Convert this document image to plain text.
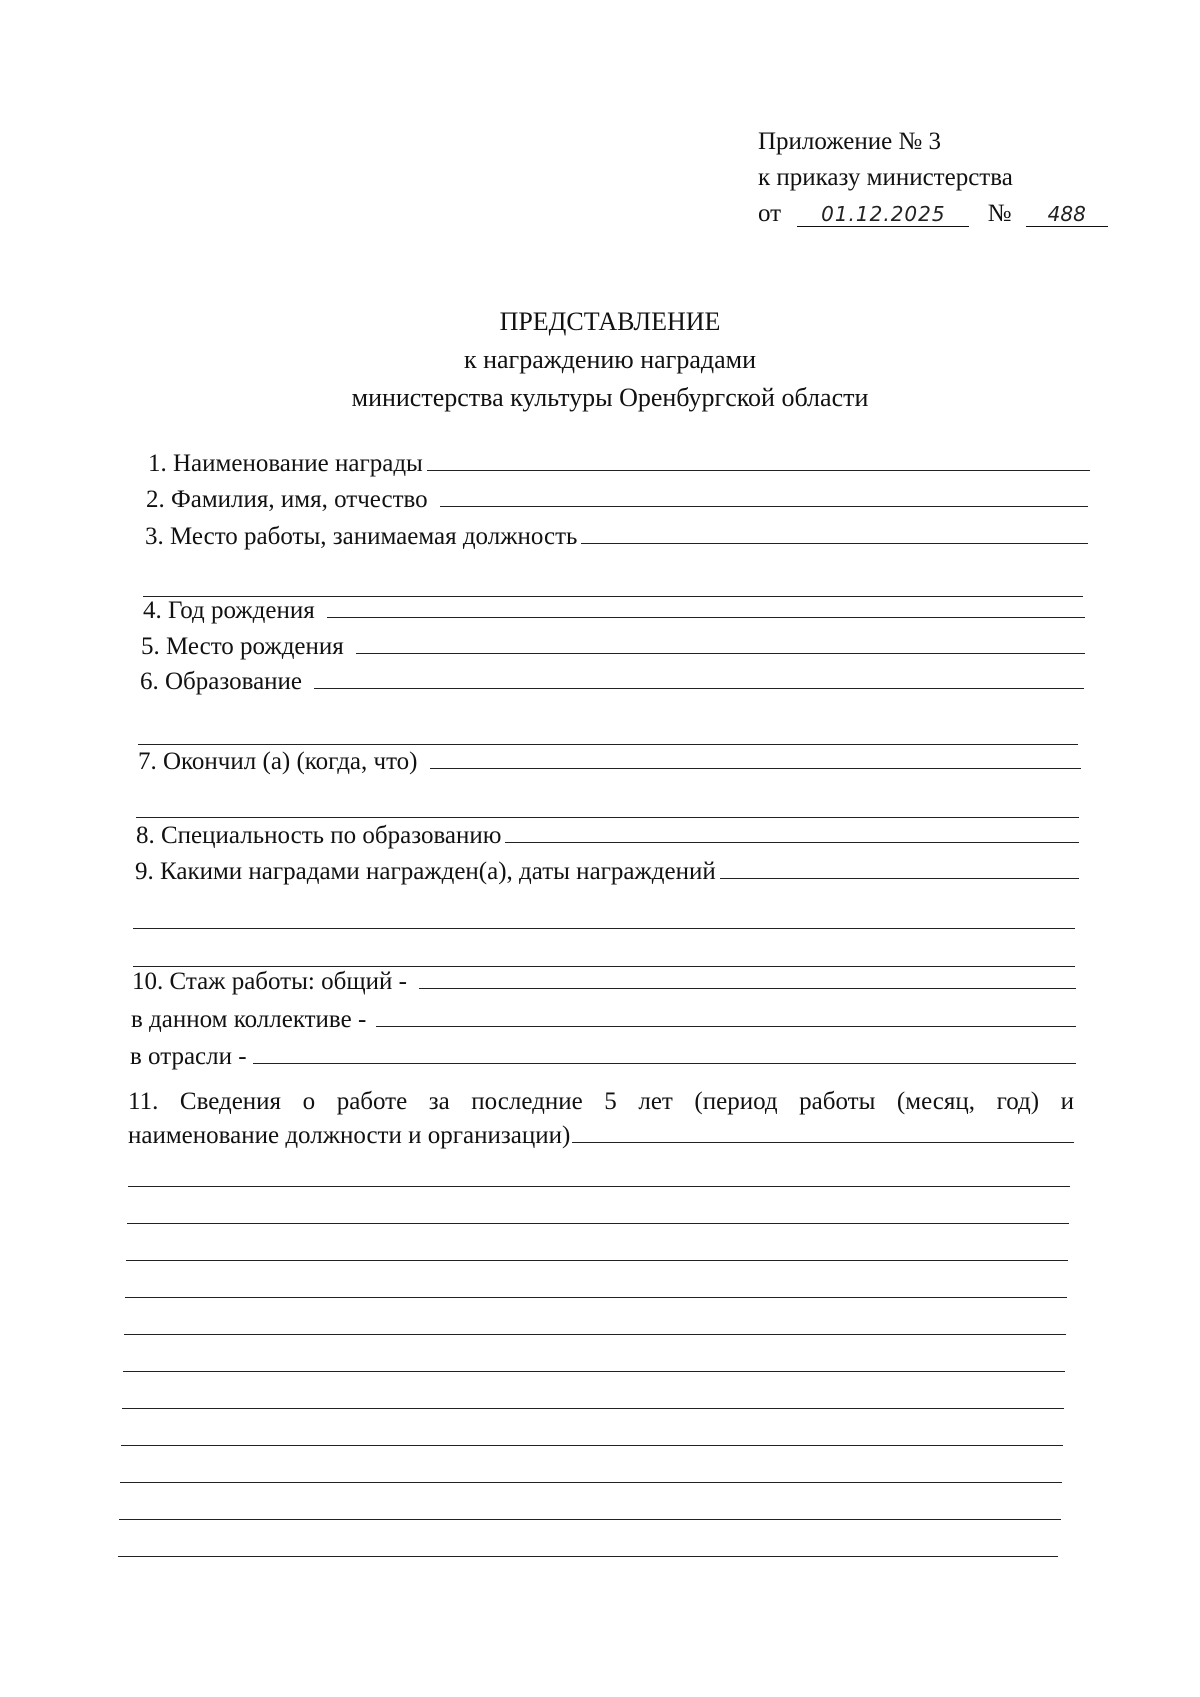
Приложение № 3
к приказу министерства
от 01.12.2025 № 488
ПРЕДСТАВЛЕНИЕ
к награждению наградами
министерства культуры Оренбургской области
1. Наименование награды
2. Фамилия, имя, отчество
3. Место работы, занимаемая должность
4. Год рождения
5. Место рождения
6. Образование
7. Окончил (а) (когда, что)
8. Специальность по образованию
9. Какими наградами награжден(а), даты награждений
10. Стаж работы: общий -
в данном коллективе -
в отрасли -
11. Сведения о работе за последние 5 лет (период работы (месяц, год) и
наименование должности и организации)
